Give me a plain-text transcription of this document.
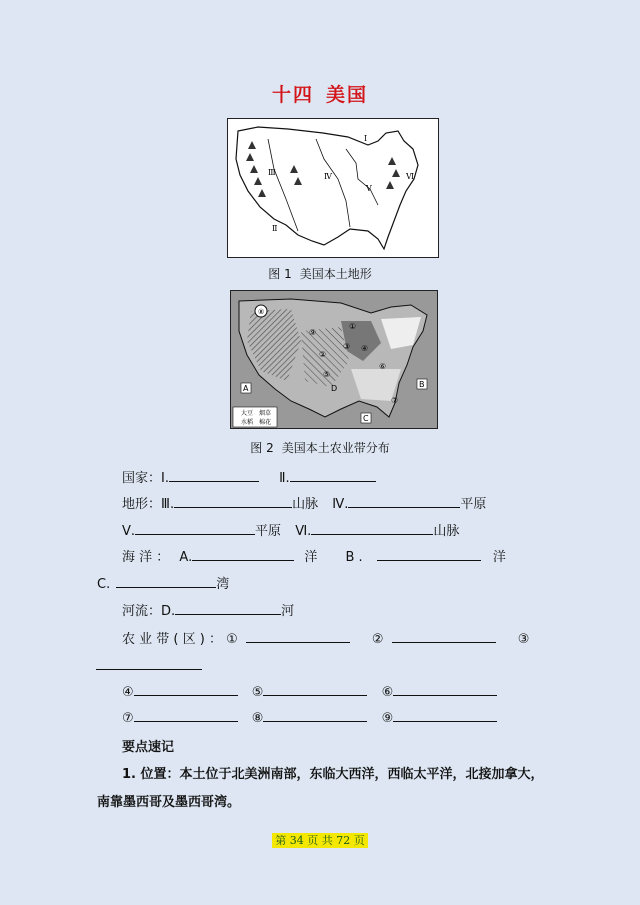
十四 美国
Ⅰ
Ⅱ
Ⅲ	Ⅳ
Ⅴ
Ⅵ
图 1 美国本土地形
⑧
⑨
②
①
③ ④
⑤
⑥
⑦
A	B
C
D
大豆 烟草
水稻 棉花
图 2 美国本土农业带分布
国家：Ⅰ.	Ⅱ.
地形：Ⅲ.	山脉 Ⅳ.	平原
Ⅴ.	平原 Ⅵ.	山脉
海 洋 ： A.	洋 B .	洋
C.	湾
河流：D.	河
农 业 带 ( 区 ) ： ①	②	③
④	⑤	⑥
⑦	⑧	⑨
要点速记
1. 位置：本土位于北美洲南部，东临大西洋，西临太平洋，北接加拿大，
南靠墨西哥及墨西哥湾。
第 34 页 共 72 页
